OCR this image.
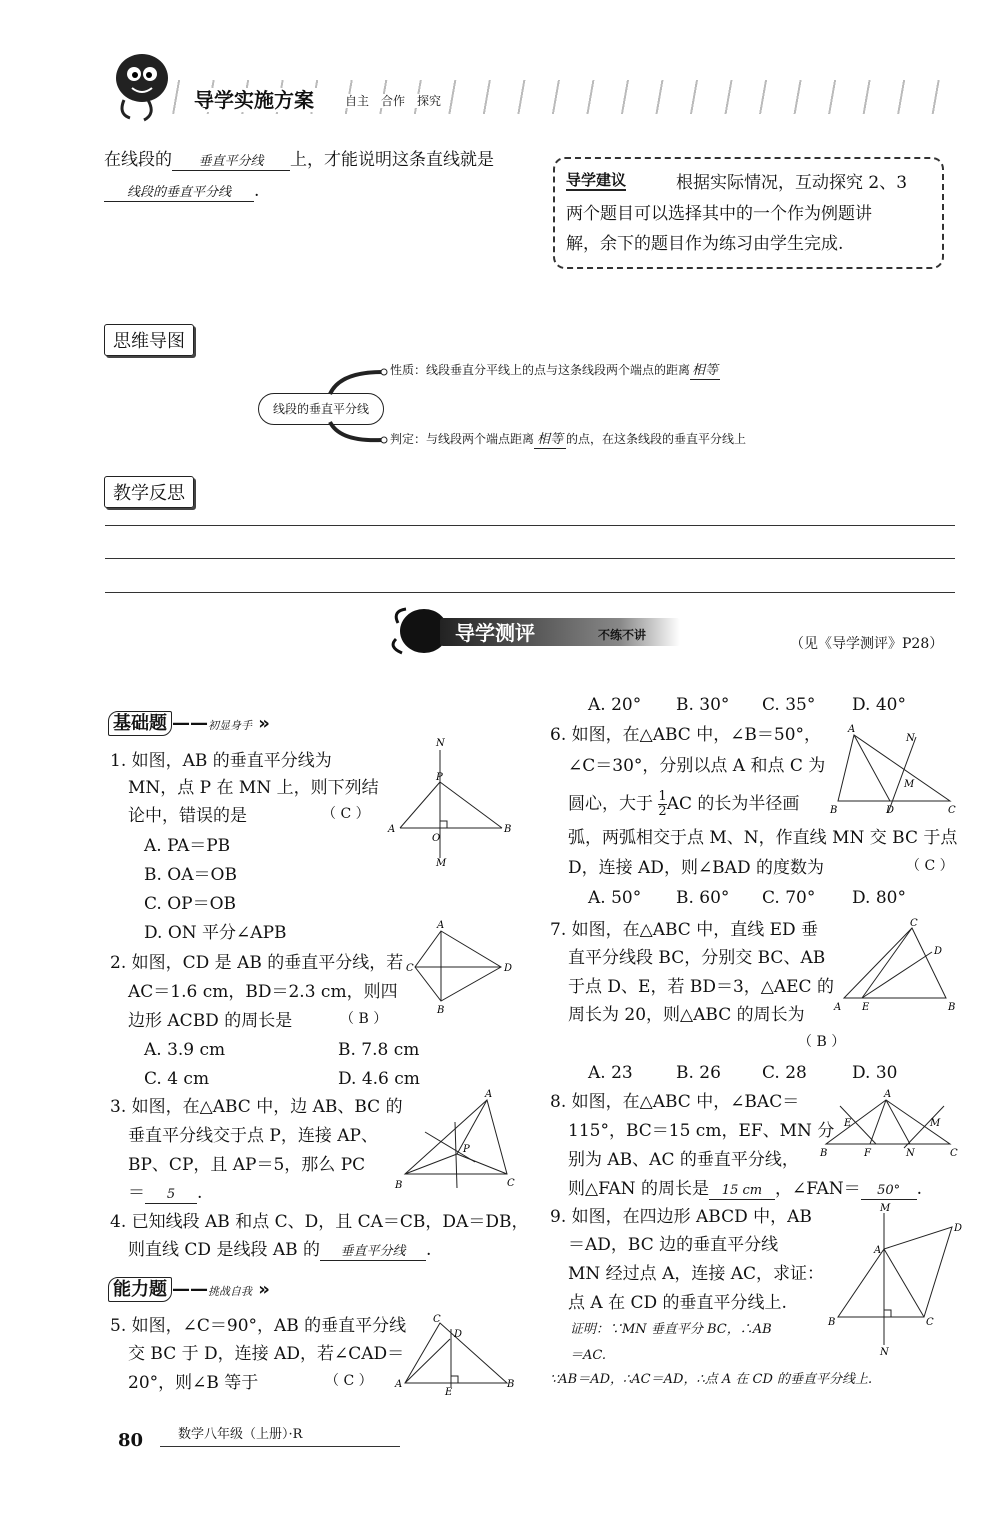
导学实施方案	自主　合作　探究
在线段的 垂直平分线 上，才能说明这条直线就是
线段的垂直平分线 .
导学建议	根据实际情况，互动探究 2、3
两个题目可以选择其中的一个作为例题讲
解，余下的题目作为练习由学生完成.
思维导图
线段的垂直平分线
性质：线段垂直分平线上的点与这条线段两个端点的距离 相等
判定：与线段两个端点距离 相等 的点，在这条线段的垂直平分线上
教学反思
导学测评	不练不讲
（见《导学测评》P28）
基础题 ——初显身手 »
1. 如图，AB 的垂直平分线为
MN，点 P 在 MN 上，则下列结
论中，错误的是	（ C ）
A. PA＝PB
B. OA＝OB
C. OP＝OB
D. ON 平分∠APB
N
P
A	B
O
M
2. 如图，CD 是 AB 的垂直平分线，若
AC＝1.6 cm，BD＝2.3 cm，则四
边形 ACBD 的周长是	（ B ）
A. 3.9 cm	B. 7.8 cm
C. 4 cm	D. 4.6 cm
A
C	D
B
3. 如图，在△ABC 中，边 AB、BC 的
垂直平分线交于点 P，连接 AP、
BP、CP，且 AP＝5，那么 PC
＝ 5 .
A
B	C
P
4. 已知线段 AB 和点 C、D，且 CA＝CB，DA＝DB，
则直线 CD 是线段 AB 的 垂直平分线 .
能力题 ——挑战自我 »
5. 如图，∠C＝90°，AB 的垂直平分线
交 BC 于 D，连接 AD，若∠CAD＝
20°，则∠B 等于	（ C ）
C
D
A	B
E
A. 20° B. 30° C. 35° D. 40°
6. 如图，在△ABC 中，∠B＝50°，
∠C＝30°，分别以点 A 和点 C 为
圆心，大于 $\frac{1}{2}$ AC 的长为半径画
弧，两弧相交于点 M、N，作直线 MN 交 BC 于点
D，连接 AD，则∠BAD 的度数为	（ C ）
A. 50° B. 60° C. 70° D. 80°
A
B	C
D
N
M
7. 如图，在△ABC 中，直线 ED 垂
直平分线段 BC，分别交 BC、AB
于点 D、E，若 BD＝3，△AEC 的
周长为 20，则△ABC 的周长为
（ B ）
A. 23	B. 26 C. 28	D. 30
C
D
A E	B
8. 如图，在△ABC 中，∠BAC＝
115°，BC＝15 cm，EF、MN 分
别为 AB、AC 的垂直平分线，
则△FAN 的周长是 15 cm ，∠FAN＝ 50° .
A
B	C
E
F	N
M
9. 如图，在四边形 ABCD 中，AB
＝AD，BC 边的垂直平分线
MN 经过点 A，连接 AC，求证：
点 A 在 CD 的垂直平分线上.
证明：∵MN 垂直平分 BC，∴AB
＝AC.
∵AB＝AD，∴AC＝AD，∴点 A 在 CD 的垂直平分线上.
M
A
B	C
D
N
80	数学八年级（上册）·R
